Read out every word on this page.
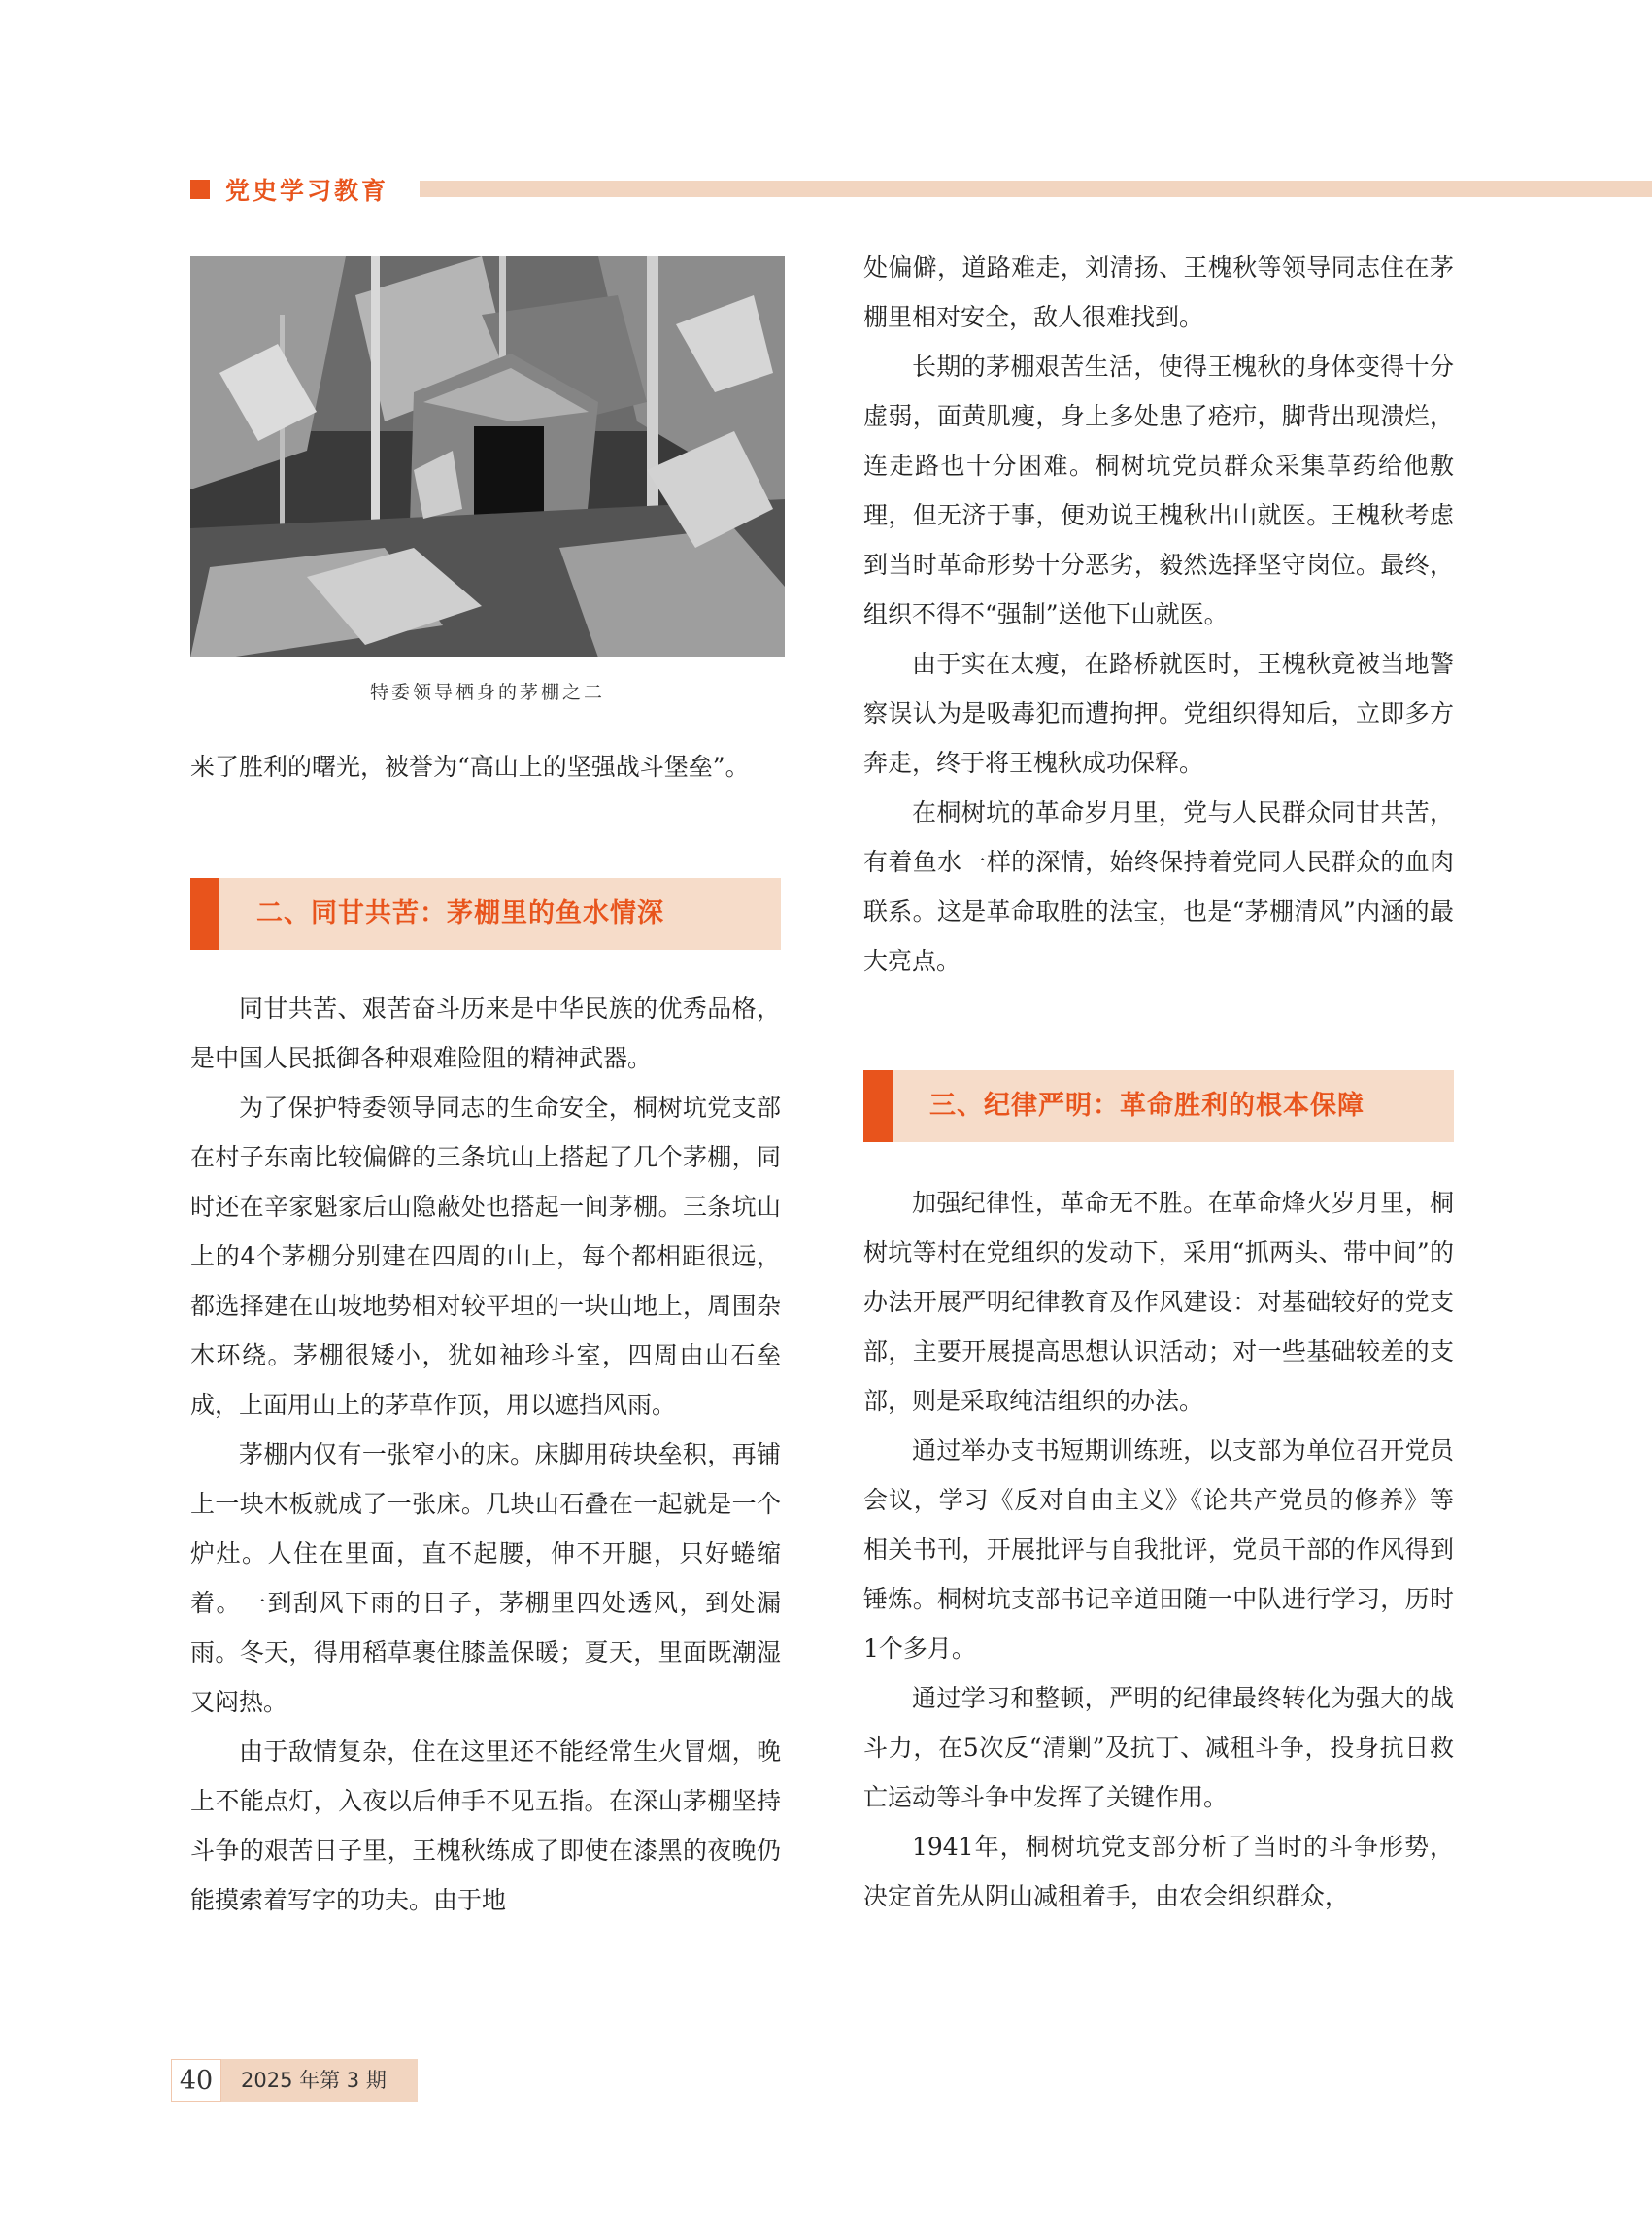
党史学习教育
特委领导栖身的茅棚之二

来了胜利的曙光，被誉为“高山上的坚强战斗堡垒”。

二、同甘共苦：茅棚里的鱼水情深

同甘共苦、艰苦奋斗历来是中华民族的优秀品格，是中国人民抵御各种艰难险阻的精神武器。

为了保护特委领导同志的生命安全，桐树坑党支部在村子东南比较偏僻的三条坑山上搭起了几个茅棚，同时还在辛家魁家后山隐蔽处也搭起一间茅棚。三条坑山上的4个茅棚分别建在四周的山上，每个都相距很远，都选择建在山坡地势相对较平坦的一块山地上，周围杂木环绕。茅棚很矮小，犹如袖珍斗室，四周由山石垒成，上面用山上的茅草作顶，用以遮挡风雨。

茅棚内仅有一张窄小的床。床脚用砖块垒积，再铺上一块木板就成了一张床。几块山石叠在一起就是一个炉灶。人住在里面，直不起腰，伸不开腿，只好蜷缩着。一到刮风下雨的日子，茅棚里四处透风，到处漏雨。冬天，得用稻草裹住膝盖保暖；夏天，里面既潮湿又闷热。

由于敌情复杂，住在这里还不能经常生火冒烟，晚上不能点灯，入夜以后伸手不见五指。在深山茅棚坚持斗争的艰苦日子里，王槐秋练成了即使在漆黑的夜晚仍能摸索着写字的功夫。由于地

处偏僻，道路难走，刘清扬、王槐秋等领导同志住在茅棚里相对安全，敌人很难找到。

长期的茅棚艰苦生活，使得王槐秋的身体变得十分虚弱，面黄肌瘦，身上多处患了疮疖，脚背出现溃烂，连走路也十分困难。桐树坑党员群众采集草药给他敷理，但无济于事，便劝说王槐秋出山就医。王槐秋考虑到当时革命形势十分恶劣，毅然选择坚守岗位。最终，组织不得不“强制”送他下山就医。

由于实在太瘦，在路桥就医时，王槐秋竟被当地警察误认为是吸毒犯而遭拘押。党组织得知后，立即多方奔走，终于将王槐秋成功保释。

在桐树坑的革命岁月里，党与人民群众同甘共苦，有着鱼水一样的深情，始终保持着党同人民群众的血肉联系。这是革命取胜的法宝，也是“茅棚清风”内涵的最大亮点。

三、纪律严明：革命胜利的根本保障

加强纪律性，革命无不胜。在革命烽火岁月里，桐树坑等村在党组织的发动下，采用“抓两头、带中间”的办法开展严明纪律教育及作风建设：对基础较好的党支部，主要开展提高思想认识活动；对一些基础较差的支部，则是采取纯洁组织的办法。

通过举办支书短期训练班，以支部为单位召开党员会议，学习《反对自由主义》《论共产党员的修养》等相关书刊，开展批评与自我批评，党员干部的作风得到锤炼。桐树坑支部书记辛道田随一中队进行学习，历时1个多月。

通过学习和整顿，严明的纪律最终转化为强大的战斗力，在5次反“清剿”及抗丁、减租斗争，投身抗日救亡运动等斗争中发挥了关键作用。

1941年，桐树坑党支部分析了当时的斗争形势，决定首先从阴山减租着手，由农会组织群众，

40	2025 年第 3 期
